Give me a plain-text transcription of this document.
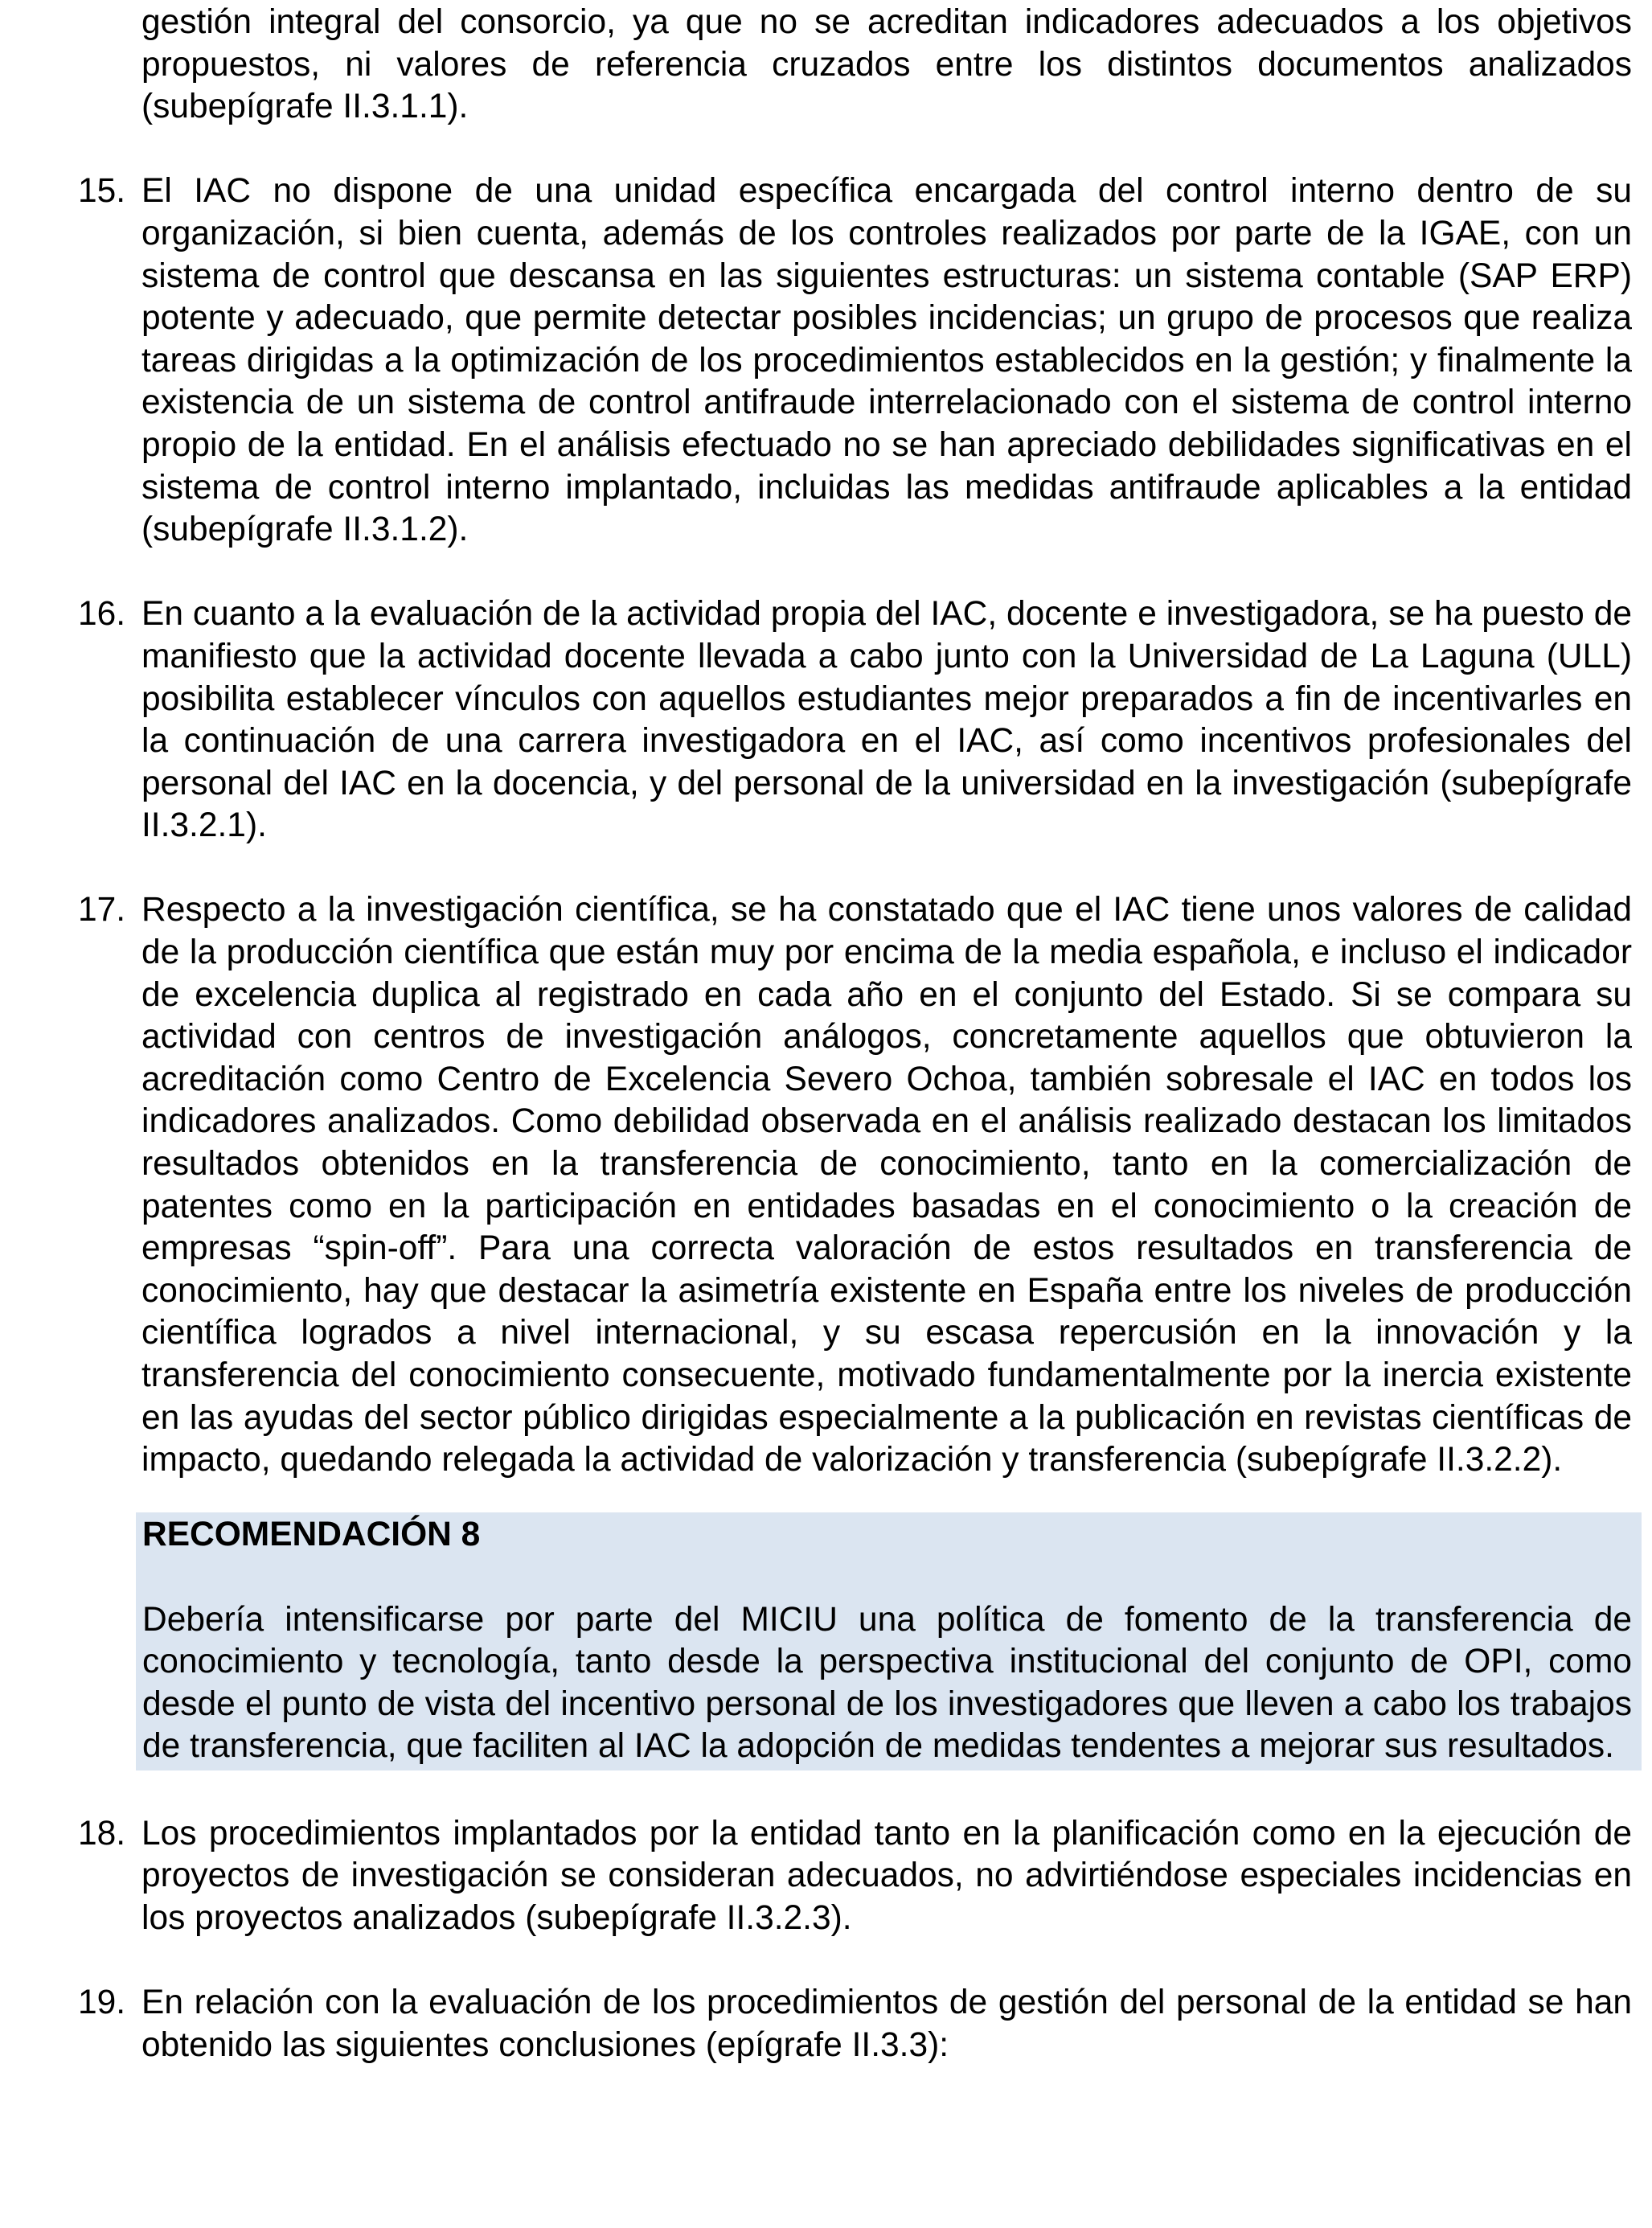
gestión integral del consorcio, ya que no se acreditan indicadores adecuados a los objetivos propuestos, ni valores de referencia cruzados entre los distintos documentos analizados (subepígrafe II.3.1.1).
15. El IAC no dispone de una unidad específica encargada del control interno dentro de su organización, si bien cuenta, además de los controles realizados por parte de la IGAE, con un sistema de control que descansa en las siguientes estructuras: un sistema contable (SAP ERP) potente y adecuado, que permite detectar posibles incidencias; un grupo de procesos que realiza tareas dirigidas a la optimización de los procedimientos establecidos en la gestión; y finalmente la existencia de un sistema de control antifraude interrelacionado con el sistema de control interno propio de la entidad. En el análisis efectuado no se han apreciado debilidades significativas en el sistema de control interno implantado, incluidas las medidas antifraude aplicables a la entidad (subepígrafe II.3.1.2).
16. En cuanto a la evaluación de la actividad propia del IAC, docente e investigadora, se ha puesto de manifiesto que la actividad docente llevada a cabo junto con la Universidad de La Laguna (ULL) posibilita establecer vínculos con aquellos estudiantes mejor preparados a fin de incentivarles en la continuación de una carrera investigadora en el IAC, así como incentivos profesionales del personal del IAC en la docencia, y del personal de la universidad en la investigación (subepígrafe II.3.2.1).
17. Respecto a la investigación científica, se ha constatado que el IAC tiene unos valores de calidad de la producción científica que están muy por encima de la media española, e incluso el indicador de excelencia duplica al registrado en cada año en el conjunto del Estado. Si se compara su actividad con centros de investigación análogos, concretamente aquellos que obtuvieron la acreditación como Centro de Excelencia Severo Ochoa, también sobresale el IAC en todos los indicadores analizados. Como debilidad observada en el análisis realizado destacan los limitados resultados obtenidos en la transferencia de conocimiento, tanto en la comercialización de patentes como en la participación en entidades basadas en el conocimiento o la creación de empresas “spin-off”. Para una correcta valoración de estos resultados en transferencia de conocimiento, hay que destacar la asimetría existente en España entre los niveles de producción científica logrados a nivel internacional, y su escasa repercusión en la innovación y la transferencia del conocimiento consecuente, motivado fundamentalmente por la inercia existente en las ayudas del sector público dirigidas especialmente a la publicación en revistas científicas de impacto, quedando relegada la actividad de valorización y transferencia (subepígrafe II.3.2.2).
RECOMENDACIÓN 8
Debería intensificarse por parte del MICIU una política de fomento de la transferencia de conocimiento y tecnología, tanto desde la perspectiva institucional del conjunto de OPI, como desde el punto de vista del incentivo personal de los investigadores que lleven a cabo los trabajos de transferencia, que faciliten al IAC la adopción de medidas tendentes a mejorar sus resultados.
18. Los procedimientos implantados por la entidad tanto en la planificación como en la ejecución de proyectos de investigación se consideran adecuados, no advirtiéndose especiales incidencias en los proyectos analizados (subepígrafe II.3.2.3).
19. En relación con la evaluación de los procedimientos de gestión del personal de la entidad se han obtenido las siguientes conclusiones (epígrafe II.3.3):
